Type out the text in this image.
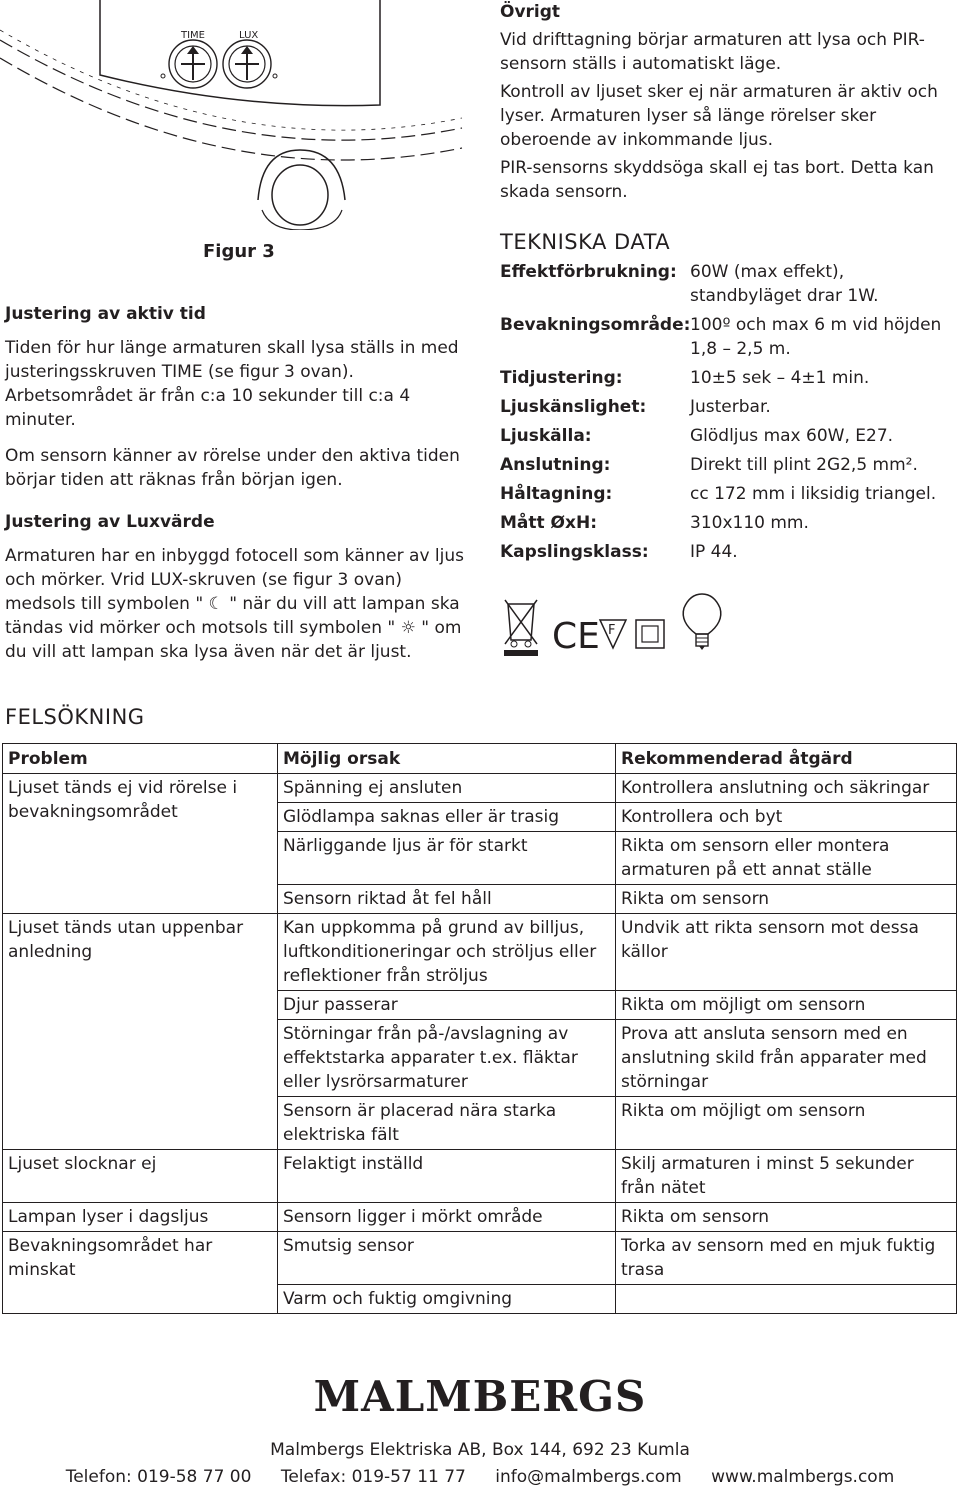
TIME	LUX
Figur 3
Justering av aktiv tid

Tiden för hur länge armaturen skall lysa ställs in med justeringsskruven TIME (se figur 3 ovan). Arbetsområdet är från c:a 10 sekunder till c:a 4 minuter.

Om sensorn känner av rörelse under den aktiva tiden börjar tiden att räknas från början igen.

Justering av Luxvärde

Armaturen har en inbyggd fotocell som känner av ljus och mörker. Vrid LUX-skruven (se figur 3 ovan) medsols till symbolen " ☾ " när du vill att lampan ska tändas vid mörker och motsols till symbolen " ☼ " om du vill att lampan ska lysa även när det är ljust.

Övrigt

Vid drifttagning börjar armaturen att lysa och PIR-sensorn ställs i automatiskt läge.

Kontroll av ljuset sker ej när armaturen är aktiv och lyser. Armaturen lyser så länge rörelser sker oberoende av inkommande ljus.

PIR-sensorns skyddsöga skall ej tas bort. Detta kan skada sensorn.

TEKNISKA DATA
Effektförbrukning: 60W (max effekt), standbyläget drar 1W.
Bevakningsområde: 100º och max 6 m vid höjden 1,8 – 2,5 m.
Tidjustering:	10±5 sek – 4±1 min.
Ljuskänslighet:	Justerbar.
Ljuskälla:	Glödljus max 60W, E27.
Anslutning:	Direkt till plint 2G2,5 mm².
Håltagning:	cc 172 mm i liksidig triangel.
Mått ØxH:	310x110 mm.
Kapslingsklass:	IP 44.
CE F
FELSÖKNING
Problem	Möjlig orsak	Rekommenderad åtgärd
Ljuset tänds ej vid rörelse i bevakningsområdet	Spänning ej ansluten	Kontrollera anslutning och säkringar
	Glödlampa saknas eller är trasig	Kontrollera och byt
	Närliggande ljus är för starkt	Rikta om sensorn eller montera armaturen på ett annat ställe
	Sensorn riktad åt fel håll	Rikta om sensorn
Ljuset tänds utan uppenbar anledning	Kan uppkomma på grund av billjus, luftkonditioneringar och ströljus eller reflektioner från ströljus	Undvik att rikta sensorn mot dessa källor
	Djur passerar	Rikta om möjligt om sensorn
	Störningar från på-/avslagning av effektstarka apparater t.ex. fläktar eller lysrörsarmaturer	Prova att ansluta sensorn med en anslutning skild från apparater med störningar
	Sensorn är placerad nära starka elektriska fält	Rikta om möjligt om sensorn
Ljuset slocknar ej	Felaktigt inställd	Skilj armaturen i minst 5 sekunder från nätet
Lampan lyser i dagsljus	Sensorn ligger i mörkt område	Rikta om sensorn
Bevakningsområdet har minskat	Smutsig sensor	Torka av sensorn med en mjuk fuktig trasa
	Varm och fuktig omgivning	
MALMBERGS
Malmbergs Elektriska AB, Box 144, 692 23 Kumla
Telefon: 019-58 77 00 Telefax: 019-57 11 77 info@malmbergs.com www.malmbergs.com
